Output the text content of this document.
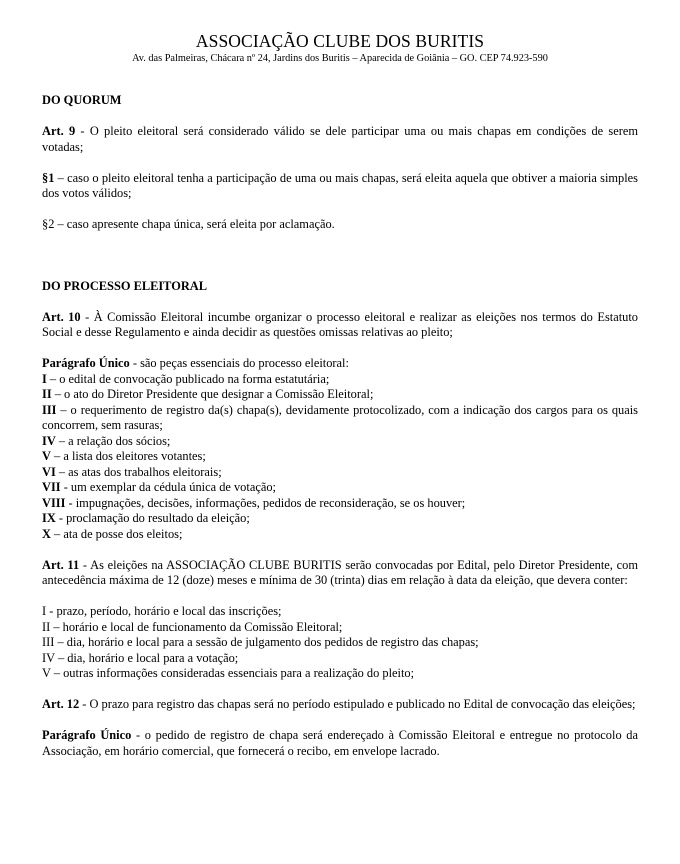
ASSOCIAÇÃO CLUBE DOS BURITIS
Av. das Palmeiras, Chácara nº 24, Jardins dos Buritis – Aparecida de Goiânia – GO. CEP 74.923-590

DO QUORUM

Art. 9 - O pleito eleitoral será considerado válido se dele participar uma ou mais chapas em condições de serem votadas;

§1 – caso o pleito eleitoral tenha a participação de uma ou mais chapas, será eleita aquela que obtiver a maioria simples dos votos válidos;

§2 – caso apresente chapa única, será eleita por aclamação.

DO PROCESSO ELEITORAL

Art. 10 - À Comissão Eleitoral incumbe organizar o processo eleitoral e realizar as eleições nos termos do Estatuto Social e desse Regulamento e ainda decidir as questões omissas relativas ao pleito;

Parágrafo Único - são peças essenciais do processo eleitoral:

I – o edital de convocação publicado na forma estatutária;

II – o ato do Diretor Presidente que designar a Comissão Eleitoral;

III – o requerimento de registro da(s) chapa(s), devidamente protocolizado, com a indicação dos cargos para os quais concorrem, sem rasuras;

IV – a relação dos sócios;

V – a lista dos eleitores votantes;

VI – as atas dos trabalhos eleitorais;

VII - um exemplar da cédula única de votação;

VIII - impugnações, decisões, informações, pedidos de reconsideração, se os houver;

IX - proclamação do resultado da eleição;

X – ata de posse dos eleitos;

Art. 11 - As eleições na ASSOCIAÇÃO CLUBE BURITIS serão convocadas por Edital, pelo Diretor Presidente, com antecedência máxima de 12 (doze) meses e mínima de 30 (trinta) dias em relação à data da eleição, que devera conter:

I - prazo, período, horário e local das inscrições;

II – horário e local de funcionamento da Comissão Eleitoral;

III – dia, horário e local para a sessão de julgamento dos pedidos de registro das chapas;

IV – dia, horário e local para a votação;

V – outras informações consideradas essenciais para a realização do pleito;

Art. 12 - O prazo para registro das chapas será no período estipulado e publicado no Edital de convocação das eleições;

Parágrafo Único - o pedido de registro de chapa será endereçado à Comissão Eleitoral e entregue no protocolo da Associação, em horário comercial, que fornecerá o recibo, em envelope lacrado.
